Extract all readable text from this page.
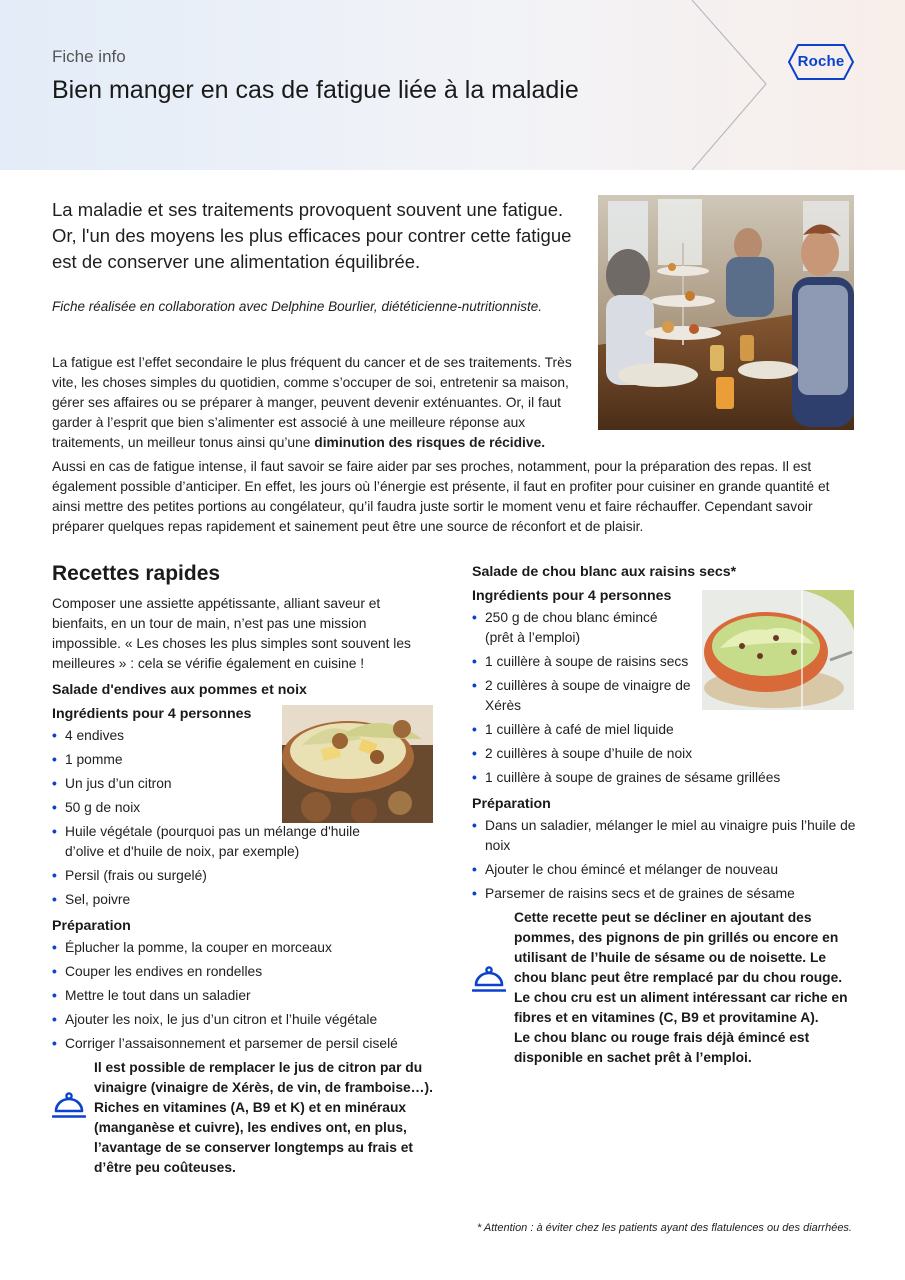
Fiche info
Bien manger en cas de fatigue liée à la maladie
Roche

La maladie et ses traitements provoquent souvent une fatigue. Or, l'un des moyens les plus efficaces pour contrer cette fatigue est de conserver une alimentation équilibrée.

Fiche réalisée en collaboration avec Delphine Bourlier, diététicienne-nutritionniste.

La fatigue est l’effet secondaire le plus fréquent du cancer et de ses traitements. Très vite, les choses simples du quotidien, comme s’occuper de soi, entretenir sa maison, gérer ses affaires ou se préparer à manger, peuvent devenir exténuantes. Or, il faut garder à l’esprit que bien s’alimenter est associé à une meilleure réponse aux traitements, un meilleur tonus ainsi qu’une diminution des risques de récidive.

Aussi en cas de fatigue intense, il faut savoir se faire aider par ses proches, notamment, pour la préparation des repas. Il est également possible d’anticiper. En effet, les jours où l’énergie est présente, il faut en profiter pour cuisiner en grande quantité et ainsi mettre des petites portions au congélateur, qu’il faudra juste sortir le moment venu et faire réchauffer. Cependant savoir préparer quelques repas rapidement et sainement peut être une source de réconfort et de plaisir.

Recettes rapides

Composer une assiette appétissante, alliant saveur et bienfaits, en un tour de main, n’est pas une mission impossible. « Les choses les plus simples sont souvent les meilleures » : cela se vérifie également en cuisine !

Salade d'endives aux pommes et noix
Ingrédients pour 4 personnes
• 4 endives
• 1 pomme
• Un jus d’un citron
• 50 g de noix
• Huile végétale (pourquoi pas un mélange d'huile d’olive et d'huile de noix, par exemple)
• Persil (frais ou surgelé)
• Sel, poivre
Préparation
• Éplucher la pomme, la couper en morceaux
• Couper les endives en rondelles
• Mettre le tout dans un saladier
• Ajouter les noix, le jus d’un citron et l’huile végétale
• Corriger l’assaisonnement et parsemer de persil ciselé

Il est possible de remplacer le jus de citron par du vinaigre (vinaigre de Xérès, de vin, de framboise…). Riches en vitamines (A, B9 et K) et en minéraux (manganèse et cuivre), les endives ont, en plus, l’avantage de se conserver longtemps au frais et d’être peu coûteuses.

Salade de chou blanc aux raisins secs*
Ingrédients pour 4 personnes
• 250 g de chou blanc émincé (prêt à l’emploi)
• 1 cuillère à soupe de raisins secs
• 2 cuillères à soupe de vinaigre de Xérès
• 1 cuillère à café de miel liquide
• 2 cuillères à soupe d’huile de noix
• 1 cuillère à soupe de graines de sésame grillées
Préparation
• Dans un saladier, mélanger le miel au vinaigre puis l’huile de noix
• Ajouter le chou émincé et mélanger de nouveau
• Parsemer de raisins secs et de graines de sésame

Cette recette peut se décliner en ajoutant des pommes, des pignons de pin grillés ou encore en utilisant de l’huile de sésame ou de noisette. Le chou blanc peut être remplacé par du chou rouge. Le chou cru est un aliment intéressant car riche en fibres et en vitamines (C, B9 et provitamine A).

Le chou blanc ou rouge frais déjà émincé est disponible en sachet prêt à l’emploi.

* Attention : à éviter chez les patients ayant des flatulences ou des diarrhées.
